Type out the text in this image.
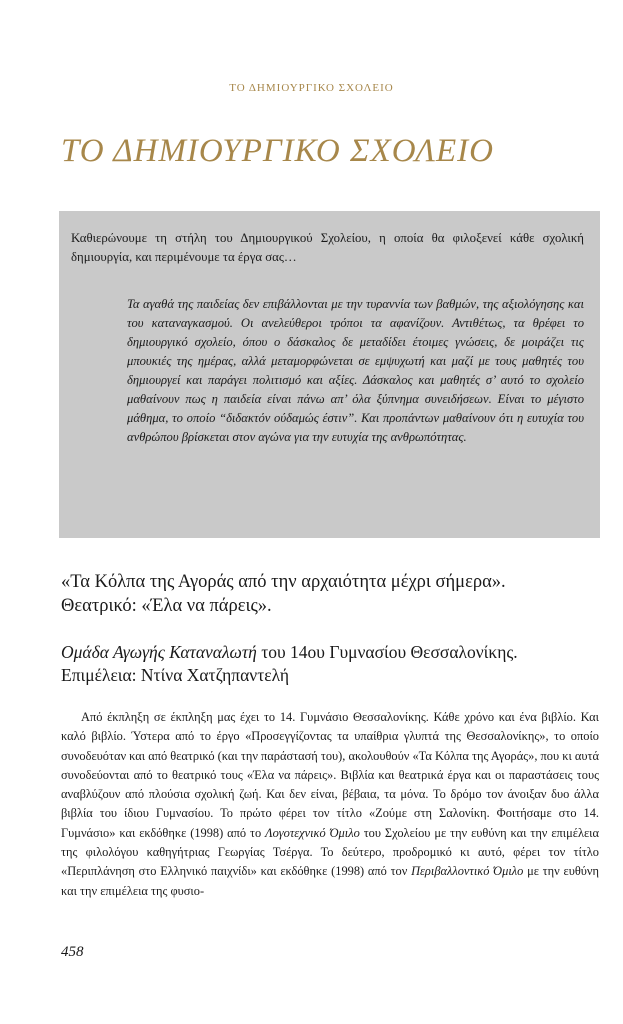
ΤΟ ΔΗΜΙΟΥΡΓΙΚΟ ΣΧΟΛΕΙΟ
ΤΟ ΔΗΜΙΟΥΡΓΙΚΟ ΣΧΟΛΕΙΟ

Καθιερώνουμε τη στήλη του Δημιουργικού Σχολείου, η οποία θα φιλοξενεί κάθε σχολική δημιουργία, και περιμένουμε τα έργα σας…

Τα αγαθά της παιδείας δεν επιβάλλονται με την τυραννία των βαθμών, της αξιολόγησης και του καταναγκασμού. Οι ανελεύθεροι τρόποι τα αφανίζουν. Αντιθέτως, τα θρέφει το δημιουργικό σχολείο, όπου ο δάσκαλος δε μεταδίδει έτοιμες γνώσεις, δε μοιράζει τις μπουκιές της ημέρας, αλλά μεταμορφώνεται σε εμψυχωτή και μαζί με τους μαθητές του δημιουργεί και παράγει πολιτισμό και αξίες. Δάσκαλος και μαθητές σ’ αυτό το σχολείο μαθαίνουν πως η παιδεία είναι πάνω απ’ όλα ξύπνημα συνειδήσεων. Είναι το μέγιστο μάθημα, το οποίο “διδακτόν ούδαμώς έστιν”. Και προπάντων μαθαίνουν ότι η ευτυχία του ανθρώπου βρίσκεται στον αγώνα για την ευτυχία της ανθρωπότητας.

«Τα Κόλπα της Αγοράς από την αρχαιότητα μέχρι σήμερα».
Θεατρικό: «Έλα να πάρεις».
Ομάδα Αγωγής Καταναλωτή του 14ου Γυμνασίου Θεσσαλονίκης.
Επιμέλεια: Ντίνα Χατζηπαντελή

Από έκπληξη σε έκπληξη μας έχει το 14. Γυμνάσιο Θεσσαλονίκης. Κάθε χρόνο και ένα βιβλίο. Και καλό βιβλίο. Ύστερα από το έργο «Προσεγγίζοντας τα υπαίθρια γλυπτά της Θεσσαλονίκης», το οποίο συνοδευόταν και από θεατρικό (και την παράστασή του), ακολουθούν «Τα Κόλπα της Αγοράς», που κι αυτά συνοδεύονται από το θεατρικό τους «Έλα να πάρεις». Βιβλία και θεατρικά έργα και οι παραστάσεις τους αναβλύζουν από πλούσια σχολική ζωή. Και δεν είναι, βέβαια, τα μόνα. Το δρόμο τον άνοιξαν δυο άλλα βιβλία του ίδιου Γυμνασίου. Το πρώτο φέρει τον τίτλο «Ζούμε στη Σαλονίκη. Φοιτήσαμε στο 14. Γυμνάσιο» και εκδόθηκε (1998) από το Λογοτεχνικό Όμιλο του Σχολείου με την ευθύνη και την επιμέλεια της φιλολόγου καθηγήτριας Γεωργίας Τσέργα. Το δεύτερο, προδρομικό κι αυτό, φέρει τον τίτλο «Περιπλάνηση στο Ελληνικό παιχνίδι» και εκδόθηκε (1998) από τον Περιβαλλοντικό Όμιλο με την ευθύνη και την επιμέλεια της φυσιο-

458
